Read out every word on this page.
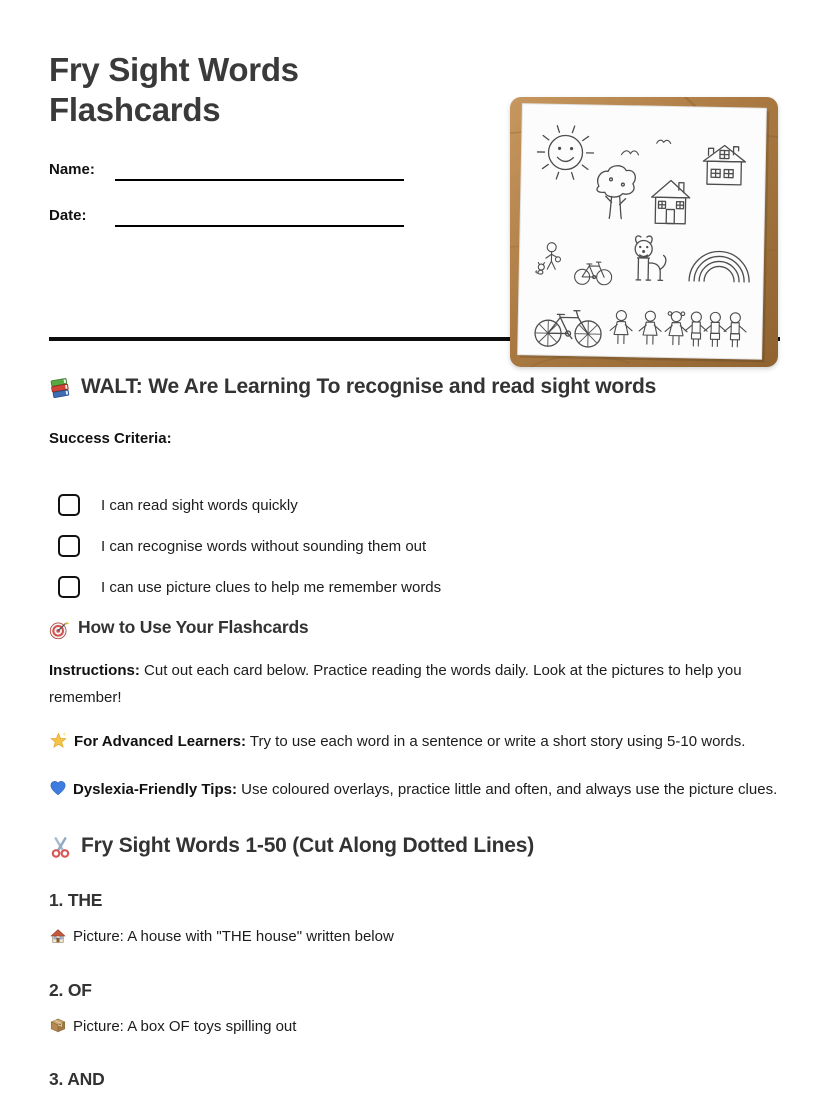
Fry Sight Words Flashcards
Name:
Date:
WALT: We Are Learning To recognise and read sight words

Success Criteria:

I can read sight words quickly
I can recognise words without sounding them out
I can use picture clues to help me remember words
How to Use Your Flashcards

Instructions: Cut out each card below. Practice reading the words daily. Look at the pictures to help you remember!

For Advanced Learners: Try to use each word in a sentence or write a short story using 5-10 words.

Dyslexia-Friendly Tips: Use coloured overlays, practice little and often, and always use the picture clues.

Fry Sight Words 1-50 (Cut Along Dotted Lines)
1. THE

Picture: A house with "THE house" written below

2. OF

Picture: A box OF toys spilling out

3. AND
